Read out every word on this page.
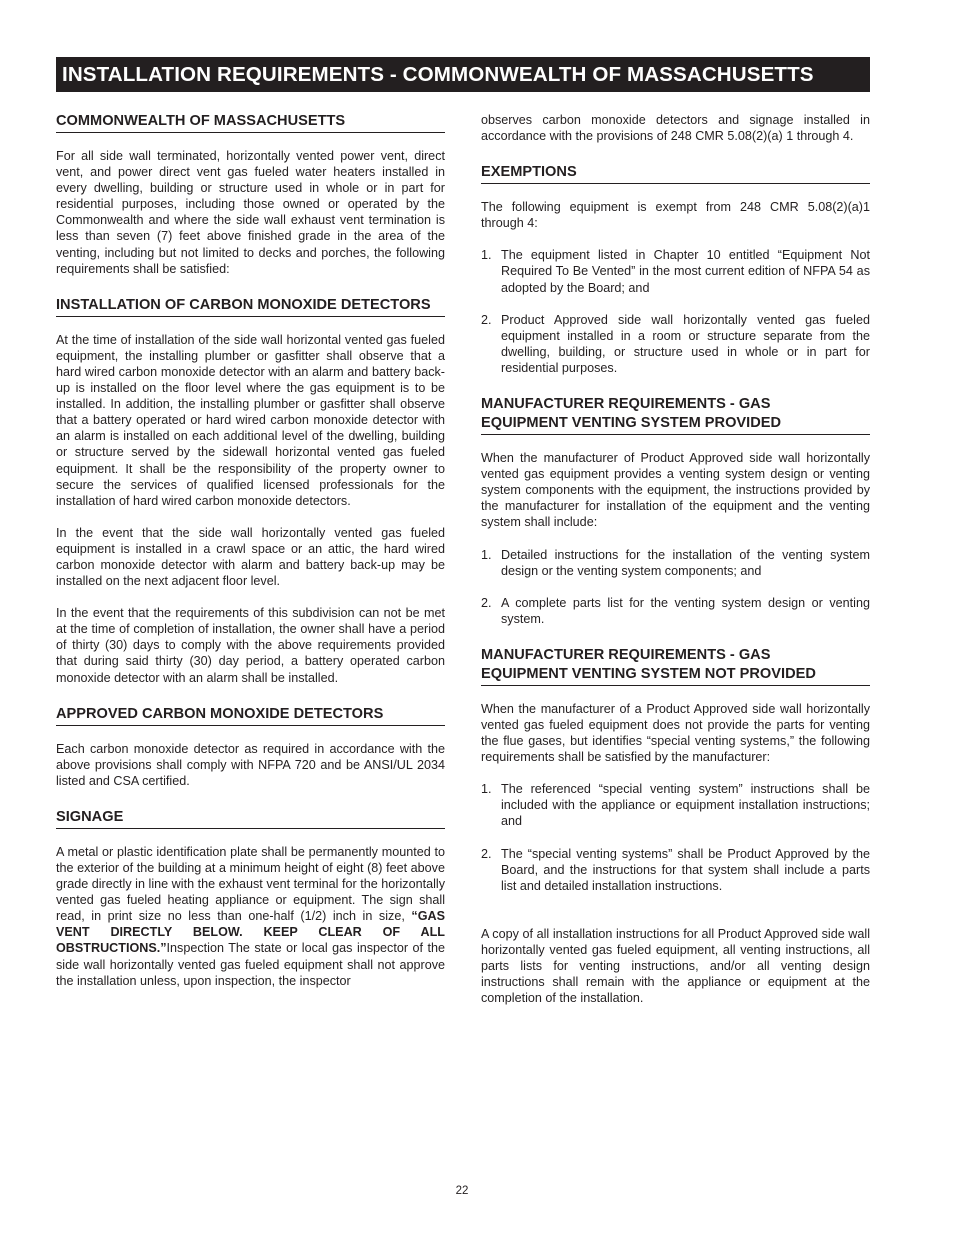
INSTALLATION REQUIREMENTS - COMMONWEALTH OF MASSACHUSETTS
COMMONWEALTH OF MASSACHUSETTS

For all side wall terminated, horizontally vented power vent, direct vent, and power direct vent gas fueled water heaters installed in every dwelling, building or structure used in whole or in part for residential purposes, including those owned or operated by the Commonwealth and where the side wall exhaust vent termination is less than seven (7) feet above finished grade in the area of the venting, including but not limited to decks and porches, the following requirements shall be satisfied:

INSTALLATION OF CARBON MONOXIDE DETECTORS

At the time of installation of the side wall horizontal vented gas fueled equipment, the installing plumber or gasfitter shall observe that a hard wired carbon monoxide detector with an alarm and battery back-up is installed on the floor level where the gas equipment is to be installed. In addition, the installing plumber or gasfitter shall observe that a battery operated or hard wired carbon monoxide detector with an alarm is installed on each additional level of the dwelling, building or structure served by the sidewall horizontal vented gas fueled equipment. It shall be the responsibility of the property owner to secure the services of qualified licensed professionals for the installation of hard wired carbon monoxide detectors.

In the event that the side wall horizontally vented gas fueled equipment is installed in a crawl space or an attic, the hard wired carbon monoxide detector with alarm and battery back-up may be installed on the next adjacent floor level.

In the event that the requirements of this subdivision can not be met at the time of completion of installation, the owner shall have a period of thirty (30) days to comply with the above requirements provided that during said thirty (30) day period, a battery operated carbon monoxide detector with an alarm shall be installed.

APPROVED CARBON MONOXIDE DETECTORS

Each carbon monoxide detector as required in accordance with the above provisions shall comply with NFPA 720 and be ANSI/UL 2034 listed and CSA certified.

SIGNAGE

A metal or plastic identification plate shall be permanently mounted to the exterior of the building at a minimum height of eight (8) feet above grade directly in line with the exhaust vent terminal for the horizontally vented gas fueled heating appliance or equipment. The sign shall read, in print size no less than one-half (1/2) inch in size, “GAS VENT DIRECTLY BELOW. KEEP CLEAR OF ALL OBSTRUCTIONS.”Inspection The state or local gas inspector of the side wall horizontally vented gas fueled equipment shall not approve the installation unless, upon inspection, the inspector

observes carbon monoxide detectors and signage installed in accordance with the provisions of 248 CMR 5.08(2)(a) 1 through 4.

EXEMPTIONS

The following equipment is exempt from 248 CMR 5.08(2)(a)1 through 4:

1. The equipment listed in Chapter 10 entitled “Equipment Not Required To Be Vented” in the most current edition of NFPA 54 as adopted by the Board; and
2. Product Approved side wall horizontally vented gas fueled equipment installed in a room or structure separate from the dwelling, building, or structure used in whole or in part for residential purposes.
MANUFACTURER REQUIREMENTS - GAS
EQUIPMENT VENTING SYSTEM PROVIDED

When the manufacturer of Product Approved side wall horizontally vented gas equipment provides a venting system design or venting system components with the equipment, the instructions provided by the manufacturer for installation of the equipment and the venting system shall include:

1. Detailed instructions for the installation of the venting system design or the venting system components; and
2. A complete parts list for the venting system design or venting system.
MANUFACTURER REQUIREMENTS - GAS
EQUIPMENT VENTING SYSTEM NOT PROVIDED

When the manufacturer of a Product Approved side wall horizontally vented gas fueled equipment does not provide the parts for venting the flue gases, but identifies “special venting systems,” the following requirements shall be satisfied by the manufacturer:

1. The referenced “special venting system” instructions shall be included with the appliance or equipment installation instructions; and
2. The “special venting systems” shall be Product Approved by the Board, and the instructions for that system shall include a parts list and detailed installation instructions.

A copy of all installation instructions for all Product Approved side wall horizontally vented gas fueled equipment, all venting instructions, all parts lists for venting instructions, and/or all venting design instructions shall remain with the appliance or equipment at the completion of the installation.

22
